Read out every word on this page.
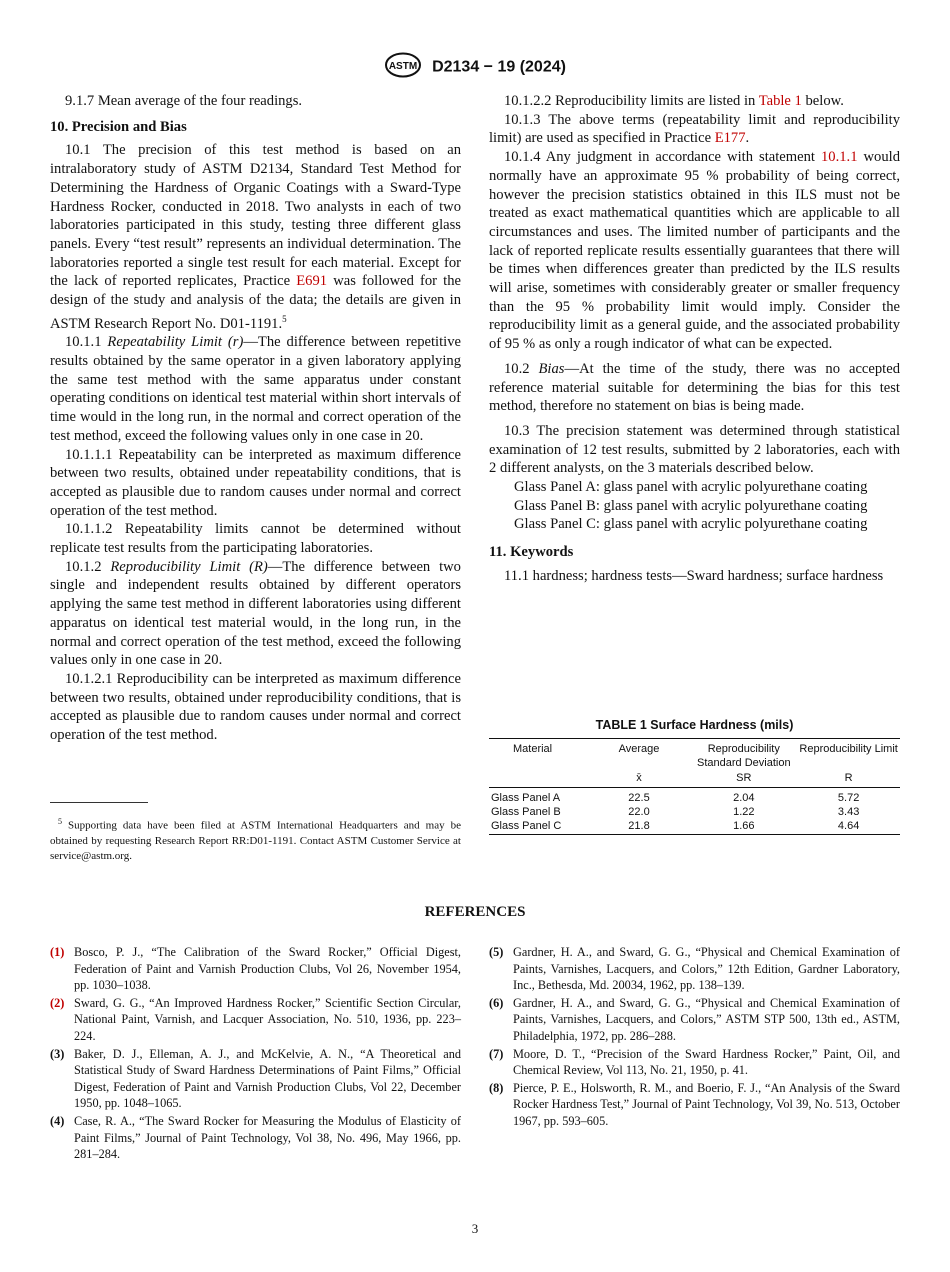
ASTM D2134 − 19 (2024)

9.1.7 Mean average of the four readings.

10. Precision and Bias

10.1 The precision of this test method is based on an intralaboratory study of ASTM D2134, Standard Test Method for Determining the Hardness of Organic Coatings with a Sward-Type Hardness Rocker, conducted in 2018. Two analysts in each of two laboratories participated in this study, testing three different glass panels. Every “test result” represents an individual determination. The laboratories reported a single test result for each material. Except for the lack of reported replicates, Practice E691 was followed for the design of the study and analysis of the data; the details are given in ASTM Research Report No. D01-1191.$^5$

10.1.1 Repeatability Limit (r)—The difference between repetitive results obtained by the same operator in a given laboratory applying the same test method with the same apparatus under constant operating conditions on identical test material within short intervals of time would in the long run, in the normal and correct operation of the test method, exceed the following values only in one case in 20.

10.1.1.1 Repeatability can be interpreted as maximum difference between two results, obtained under repeatability conditions, that is accepted as plausible due to random causes under normal and correct operation of the test method.

10.1.1.2 Repeatability limits cannot be determined without replicate test results from the participating laboratories.

10.1.2 Reproducibility Limit (R)—The difference between two single and independent results obtained by different operators applying the same test method in different laboratories using different apparatus on identical test material would, in the long run, in the normal and correct operation of the test method, exceed the following values only in one case in 20.

10.1.2.1 Reproducibility can be interpreted as maximum difference between two results, obtained under reproducibility conditions, that is accepted as plausible due to random causes under normal and correct operation of the test method.

$^5$ Supporting data have been filed at ASTM International Headquarters and may be obtained by requesting Research Report RR:D01-1191. Contact ASTM Customer Service at service@astm.org.

10.1.2.2 Reproducibility limits are listed in Table 1 below.

10.1.3 The above terms (repeatability limit and reproducibility limit) are used as specified in Practice E177.

10.1.4 Any judgment in accordance with statement 10.1.1 would normally have an approximate 95 % probability of being correct, however the precision statistics obtained in this ILS must not be treated as exact mathematical quantities which are applicable to all circumstances and uses. The limited number of participants and the lack of reported replicate results essentially guarantees that there will be times when differences greater than predicted by the ILS results will arise, sometimes with considerably greater or smaller frequency than the 95 % probability limit would imply. Consider the reproducibility limit as a general guide, and the associated probability of 95 % as only a rough indicator of what can be expected.

10.2 Bias—At the time of the study, there was no accepted reference material suitable for determining the bias for this test method, therefore no statement on bias is being made.

10.3 The precision statement was determined through statistical examination of 12 test results, submitted by 2 laboratories, each with 2 different analysts, on the 3 materials described below.

Glass Panel A: glass panel with acrylic polyurethane coating

Glass Panel B: glass panel with acrylic polyurethane coating

Glass Panel C: glass panel with acrylic polyurethane coating

11. Keywords

11.1 hardness; hardness tests—Sward hardness; surface hardness

TABLE 1 Surface Hardness (mils)
Material	Average	Reproducibility Standard Deviation	Reproducibility Limit
	x̄	SR	R
Glass Panel A	22.5	2.04	5.72
Glass Panel B	22.0	1.22	3.43
Glass Panel C	21.8	1.66	4.64
REFERENCES
(1) Bosco, P. J., “The Calibration of the Sward Rocker,” Official Digest, Federation of Paint and Varnish Production Clubs, Vol 26, November 1954, pp. 1030–1038.
(2) Sward, G. G., “An Improved Hardness Rocker,” Scientific Section Circular, National Paint, Varnish, and Lacquer Association, No. 510, 1936, pp. 223–224.
(3) Baker, D. J., Elleman, A. J., and McKelvie, A. N., “A Theoretical and Statistical Study of Sward Hardness Determinations of Paint Films,” Official Digest, Federation of Paint and Varnish Production Clubs, Vol 22, December 1950, pp. 1048–1065.
(4) Case, R. A., “The Sward Rocker for Measuring the Modulus of Elasticity of Paint Films,” Journal of Paint Technology, Vol 38, No. 496, May 1966, pp. 281–284.
(5) Gardner, H. A., and Sward, G. G., “Physical and Chemical Examination of Paints, Varnishes, Lacquers, and Colors,” 12th Edition, Gardner Laboratory, Inc., Bethesda, Md. 20034, 1962, pp. 138–139.
(6) Gardner, H. A., and Sward, G. G., “Physical and Chemical Examination of Paints, Varnishes, Lacquers, and Colors,” ASTM STP 500, 13th ed., ASTM, Philadelphia, 1972, pp. 286–288.
(7) Moore, D. T., “Precision of the Sward Hardness Rocker,” Paint, Oil, and Chemical Review, Vol 113, No. 21, 1950, p. 41.
(8) Pierce, P. E., Holsworth, R. M., and Boerio, F. J., “An Analysis of the Sward Rocker Hardness Test,” Journal of Paint Technology, Vol 39, No. 513, October 1967, pp. 593–605.
3
